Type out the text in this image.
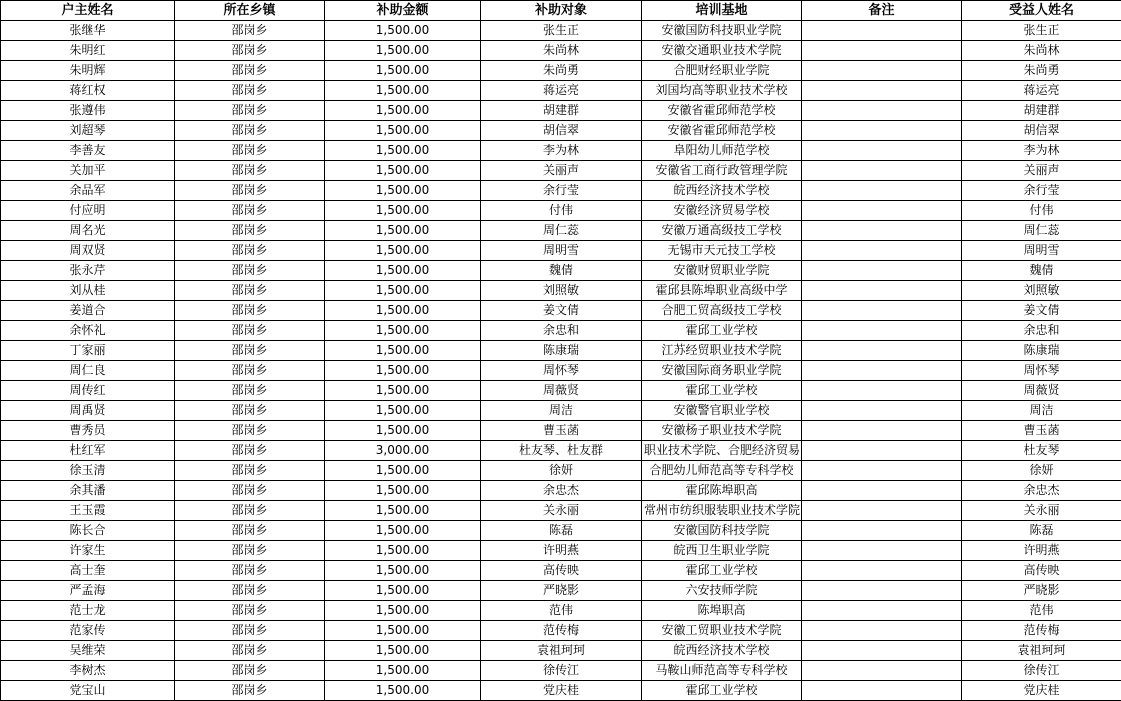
户主姓名	所在乡镇	补助金额	补助对象	培训基地	备注	受益人姓名
张继华	邵岗乡	1,500.00	张生正	安徽国防科技职业学院		张生正
朱明红	邵岗乡	1,500.00	朱尚林	安徽交通职业技术学院		朱尚林
朱明辉	邵岗乡	1,500.00	朱尚勇	合肥财经职业学院		朱尚勇
蒋红权	邵岗乡	1,500.00	蒋运亮	刘国均高等职业技术学校		蒋运亮
张遵伟	邵岗乡	1,500.00	胡建群	安徽省霍邱师范学校		胡建群
刘超琴	邵岗乡	1,500.00	胡信翠	安徽省霍邱师范学校		胡信翠
李善友	邵岗乡	1,500.00	李为林	阜阳幼儿师范学校		李为林
关加平	邵岗乡	1,500.00	关丽声	安徽省工商行政管理学院		关丽声
余品军	邵岗乡	1,500.00	余行莹	皖西经济技术学校		余行莹
付应明	邵岗乡	1,500.00	付伟	安徽经济贸易学校		付伟
周名光	邵岗乡	1,500.00	周仁蕊	安徽万通高级技工学校		周仁蕊
周双贤	邵岗乡	1,500.00	周明雪	无锡市天元技工学校		周明雪
张永芹	邵岗乡	1,500.00	魏倩	安徽财贸职业学院		魏倩
刘从桂	邵岗乡	1,500.00	刘照敏	霍邱县陈埠职业高级中学		刘照敏
姜道合	邵岗乡	1,500.00	姜文倩	合肥工贸高级技工学校		姜文倩
余怀礼	邵岗乡	1,500.00	余忠和	霍邱工业学校		余忠和
丁家丽	邵岗乡	1,500.00	陈康瑞	江苏经贸职业技术学院		陈康瑞
周仁良	邵岗乡	1,500.00	周怀琴	安徽国际商务职业学院		周怀琴
周传红	邵岗乡	1,500.00	周薇贤	霍邱工业学校		周薇贤
周禹贤	邵岗乡	1,500.00	周洁	安徽警官职业学校		周洁
曹秀员	邵岗乡	1,500.00	曹玉菡	安徽杨子职业技术学院		曹玉菡
杜红军	邵岗乡	3,000.00	杜友琴、杜友群	职业技术学院、合肥经济贸易		杜友琴
徐玉清	邵岗乡	1,500.00	徐妍	合肥幼儿师范高等专科学校		徐妍
余其潘	邵岗乡	1,500.00	余忠杰	霍邱陈埠职高		余忠杰
王玉霞	邵岗乡	1,500.00	关永丽	常州市纺织服装职业技术学院		关永丽
陈长合	邵岗乡	1,500.00	陈磊	安徽国防科技学院		陈磊
许家生	邵岗乡	1,500.00	许明燕	皖西卫生职业学院		许明燕
高士奎	邵岗乡	1,500.00	高传映	霍邱工业学校		高传映
严孟海	邵岗乡	1,500.00	严晓影	六安技师学院		严晓影
范士龙	邵岗乡	1,500.00	范伟	陈埠职高		范伟
范家传	邵岗乡	1,500.00	范传梅	安徽工贸职业技术学院		范传梅
吴维荣	邵岗乡	1,500.00	袁祖珂珂	皖西经济技术学校		袁祖珂珂
李树杰	邵岗乡	1,500.00	徐传江	马鞍山师范高等专科学校		徐传江
党宝山	邵岗乡	1,500.00	党庆桂	霍邱工业学校		党庆桂
